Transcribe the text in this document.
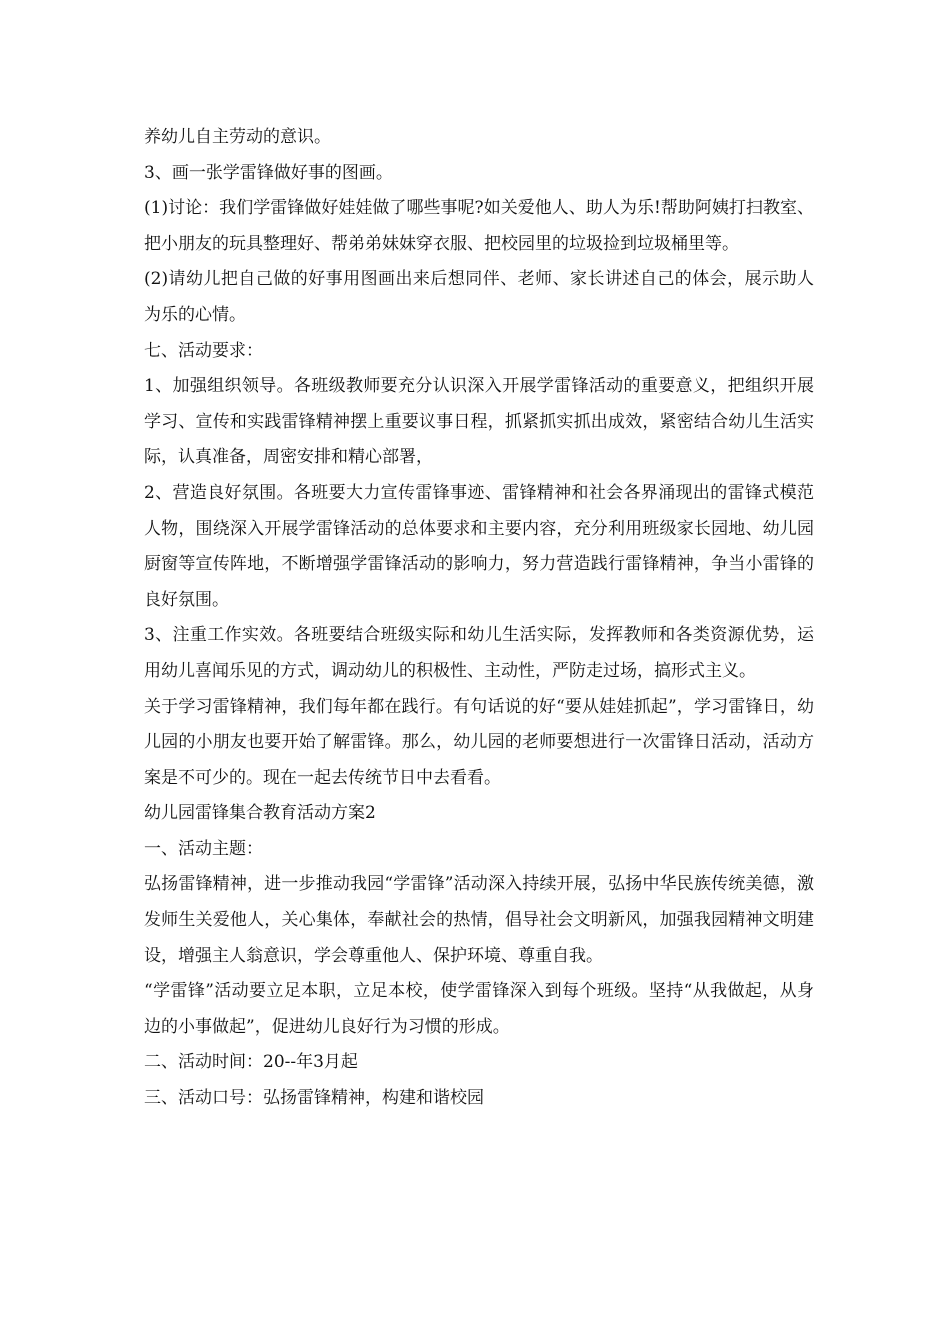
养幼儿自主劳动的意识。

3、画一张学雷锋做好事的图画。

(1)讨论：我们学雷锋做好娃娃做了哪些事呢?如关爱他人、助人为乐!帮助阿姨打扫教室、把小朋友的玩具整理好、帮弟弟妹妹穿衣服、把校园里的垃圾捡到垃圾桶里等。

(2)请幼儿把自己做的好事用图画出来后想同伴、老师、家长讲述自己的体会，展示助人为乐的心情。

七、活动要求：

1、加强组织领导。各班级教师要充分认识深入开展学雷锋活动的重要意义，把组织开展学习、宣传和实践雷锋精神摆上重要议事日程，抓紧抓实抓出成效，紧密结合幼儿生活实际，认真准备，周密安排和精心部署，

2、营造良好氛围。各班要大力宣传雷锋事迹、雷锋精神和社会各界涌现出的雷锋式模范人物，围绕深入开展学雷锋活动的总体要求和主要内容，充分利用班级家长园地、幼儿园厨窗等宣传阵地，不断增强学雷锋活动的影响力，努力营造践行雷锋精神，争当小雷锋的良好氛围。

3、注重工作实效。各班要结合班级实际和幼儿生活实际，发挥教师和各类资源优势，运用幼儿喜闻乐见的方式，调动幼儿的积极性、主动性，严防走过场，搞形式主义。

关于学习雷锋精神，我们每年都在践行。有句话说的好“要从娃娃抓起”，学习雷锋日，幼儿园的小朋友也要开始了解雷锋。那么，幼儿园的老师要想进行一次雷锋日活动，活动方案是不可少的。现在一起去传统节日中去看看。

幼儿园雷锋集合教育活动方案2

一、活动主题：

弘扬雷锋精神，进一步推动我园“学雷锋”活动深入持续开展，弘扬中华民族传统美德，激发师生关爱他人，关心集体，奉献社会的热情，倡导社会文明新风，加强我园精神文明建设，增强主人翁意识，学会尊重他人、保护环境、尊重自我。

“学雷锋”活动要立足本职，立足本校，使学雷锋深入到每个班级。坚持“从我做起，从身边的小事做起”，促进幼儿良好行为习惯的形成。

二、活动时间：20--年3月起

三、活动口号：弘扬雷锋精神，构建和谐校园
